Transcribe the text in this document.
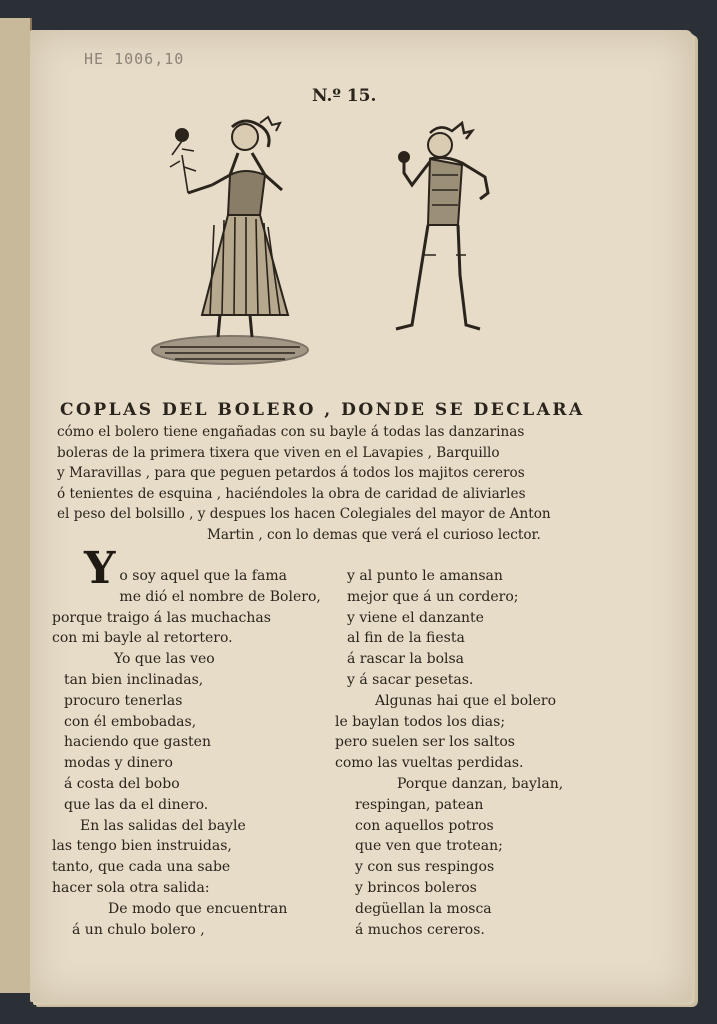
HE 1006,10
N.º 15.
COPLAS DEL BOLERO , DONDE SE DECLARA
cómo el bolero tiene engañadas con su bayle á todas las danzarinas
boleras de la primera tixera que viven en el Lavapies , Barquillo
y Maravillas , para que peguen petardos á todos los majitos cereros
ó tenientes de esquina , haciéndoles la obra de caridad de aliviarles
el peso del bolsillo , y despues los hacen Colegiales del mayor de Anton
Martin , con lo demas que verá el curioso lector.
Yo soy aquel que la fama
me dió el nombre de Bolero,
porque traigo á las muchachas
con mi bayle al retortero.
Yo que las veo
tan bien inclinadas,
procuro tenerlas
con él embobadas,
haciendo que gasten
modas y dinero
á costa del bobo
que las da el dinero.
En las salidas del bayle
las tengo bien instruidas,
tanto, que cada una sabe
hacer sola otra salida:
De modo que encuentran
á un chulo bolero ,
y al punto le amansan
mejor que á un cordero;
y viene el danzante
al fin de la fiesta
á rascar la bolsa
y á sacar pesetas.
Algunas hai que el bolero
le baylan todos los dias;
pero suelen ser los saltos
como las vueltas perdidas.
Porque danzan, baylan,
respingan, patean
con aquellos potros
que ven que trotean;
y con sus respingos
y brincos boleros
degüellan la mosca
á muchos cereros.
